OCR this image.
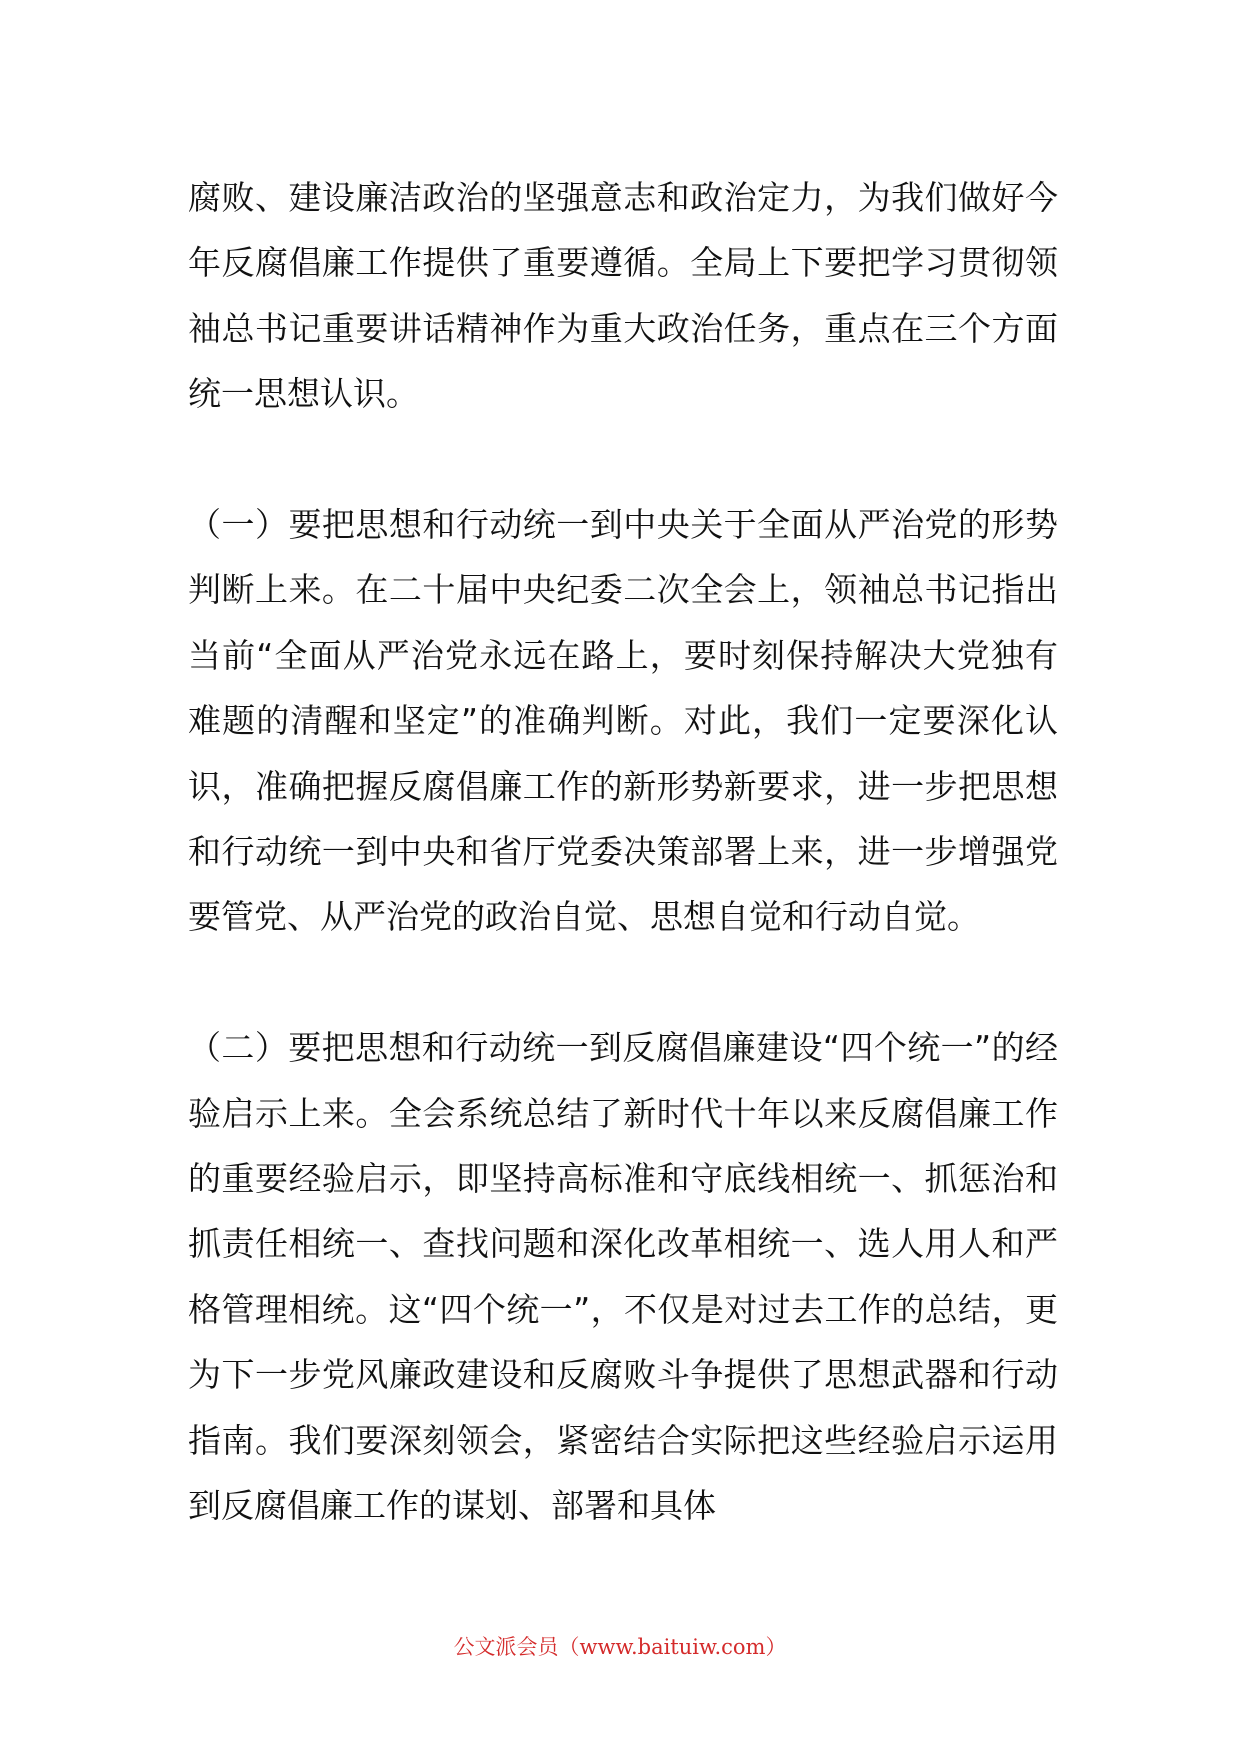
腐败、建设廉洁政治的坚强意志和政治定力，为我们做好今年反腐倡廉工作提供了重要遵循。全局上下要把学习贯彻领袖总书记重要讲话精神作为重大政治任务，重点在三个方面统一思想认识。

（一）要把思想和行动统一到中央关于全面从严治党的形势判断上来。在二十届中央纪委二次全会上，领袖总书记指出当前“全面从严治党永远在路上，要时刻保持解决大党独有难题的清醒和坚定”的准确判断。对此，我们一定要深化认识，准确把握反腐倡廉工作的新形势新要求，进一步把思想和行动统一到中央和省厅党委决策部署上来，进一步增强党要管党、从严治党的政治自觉、思想自觉和行动自觉。

（二）要把思想和行动统一到反腐倡廉建设“四个统一”的经验启示上来。全会系统总结了新时代十年以来反腐倡廉工作的重要经验启示，即坚持高标准和守底线相统一、抓惩治和抓责任相统一、查找问题和深化改革相统一、选人用人和严格管理相统。这“四个统一”，不仅是对过去工作的总结，更为下一步党风廉政建设和反腐败斗争提供了思想武器和行动指南。我们要深刻领会，紧密结合实际把这些经验启示运用到反腐倡廉工作的谋划、部署和具体

公文派会员（www.baituiw.com）
